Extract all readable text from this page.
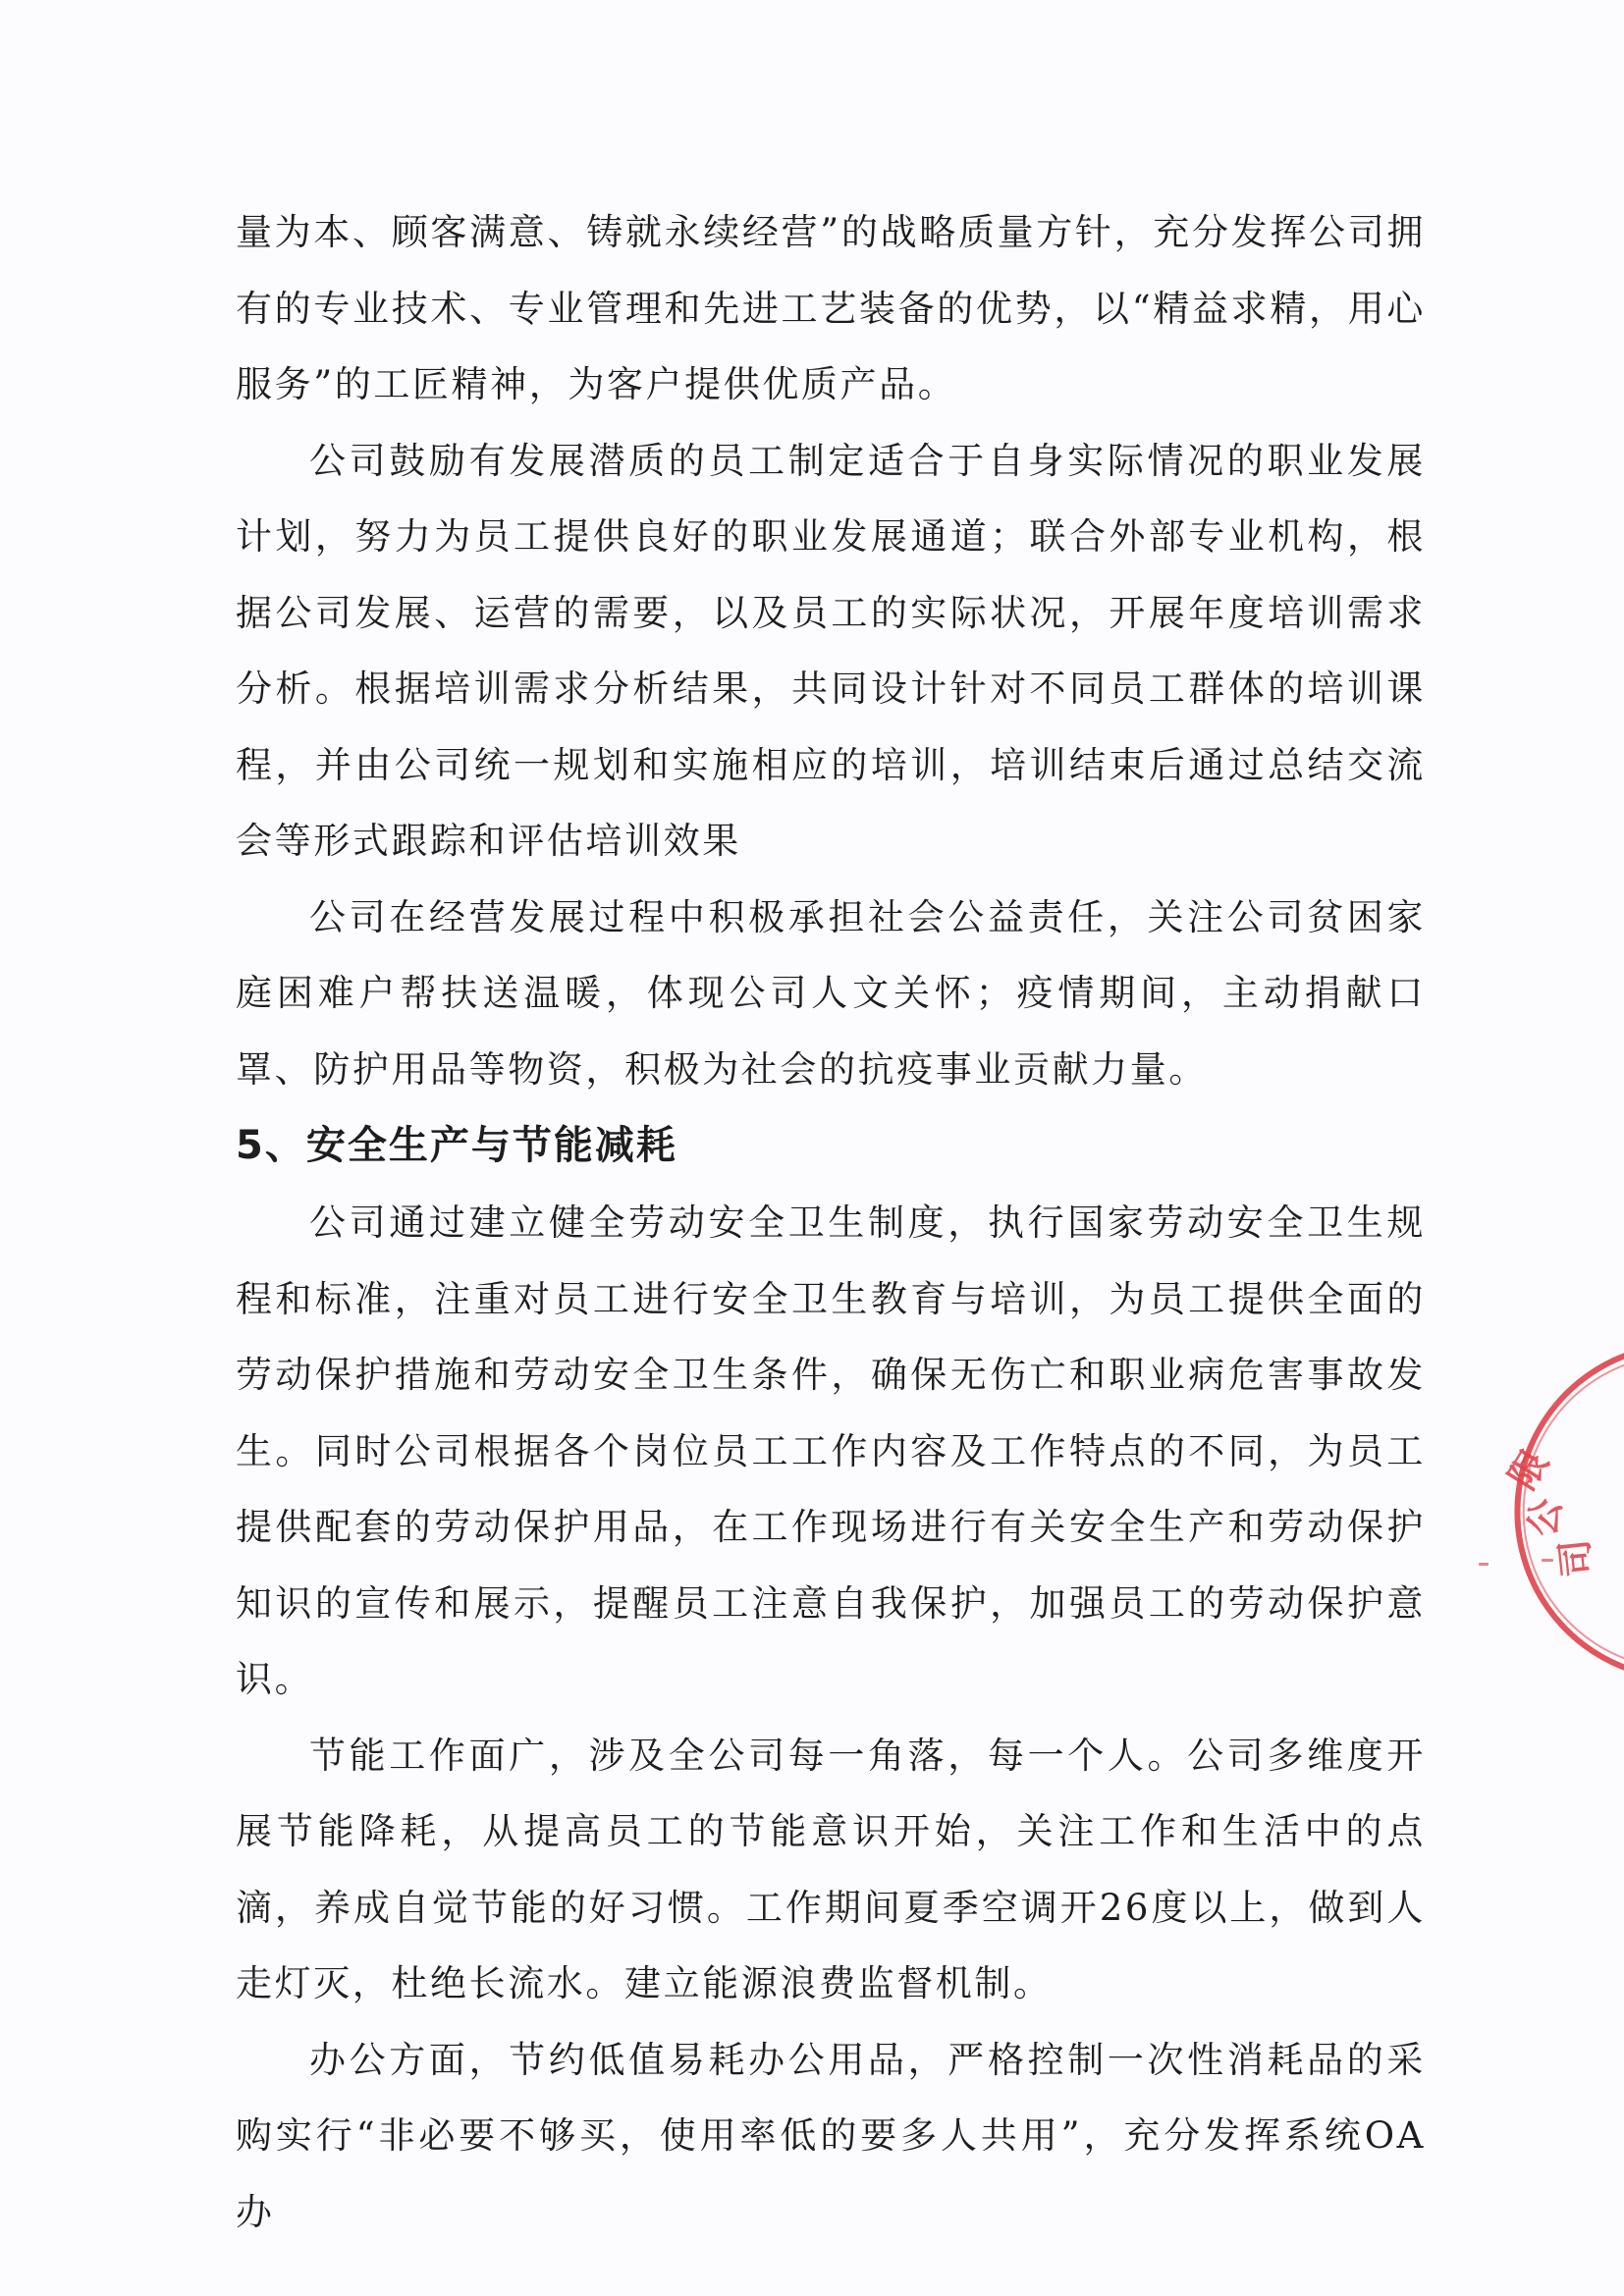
量为本、顾客满意、铸就永续经营”的战略质量方针，充分发挥公司拥有的专业技术、专业管理和先进工艺装备的优势，以“精益求精，用心服务”的工匠精神，为客户提供优质产品。

公司鼓励有发展潜质的员工制定适合于自身实际情况的职业发展计划，努力为员工提供良好的职业发展通道；联合外部专业机构，根据公司发展、运营的需要，以及员工的实际状况，开展年度培训需求分析。根据培训需求分析结果，共同设计针对不同员工群体的培训课程，并由公司统一规划和实施相应的培训，培训结束后通过总结交流会等形式跟踪和评估培训效果

公司在经营发展过程中积极承担社会公益责任，关注公司贫困家庭困难户帮扶送温暖，体现公司人文关怀；疫情期间，主动捐献口罩、防护用品等物资，积极为社会的抗疫事业贡献力量。

5、安全生产与节能减耗

公司通过建立健全劳动安全卫生制度，执行国家劳动安全卫生规程和标准，注重对员工进行安全卫生教育与培训，为员工提供全面的劳动保护措施和劳动安全卫生条件，确保无伤亡和职业病危害事故发生。同时公司根据各个岗位员工工作内容及工作特点的不同，为员工提供配套的劳动保护用品，在工作现场进行有关安全生产和劳动保护知识的宣传和展示，提醒员工注意自我保护，加强员工的劳动保护意识。

节能工作面广，涉及全公司每一角落，每一个人。公司多维度开展节能降耗，从提高员工的节能意识开始，关注工作和生活中的点滴，养成自觉节能的好习惯。工作期间夏季空调开26度以上，做到人走灯灭，杜绝长流水。建立能源浪费监督机制。

办公方面，节约低值易耗办公用品，严格控制一次性消耗品的采购实行“非必要不够买，使用率低的要多人共用”，充分发挥系统OA办

限
公
司
